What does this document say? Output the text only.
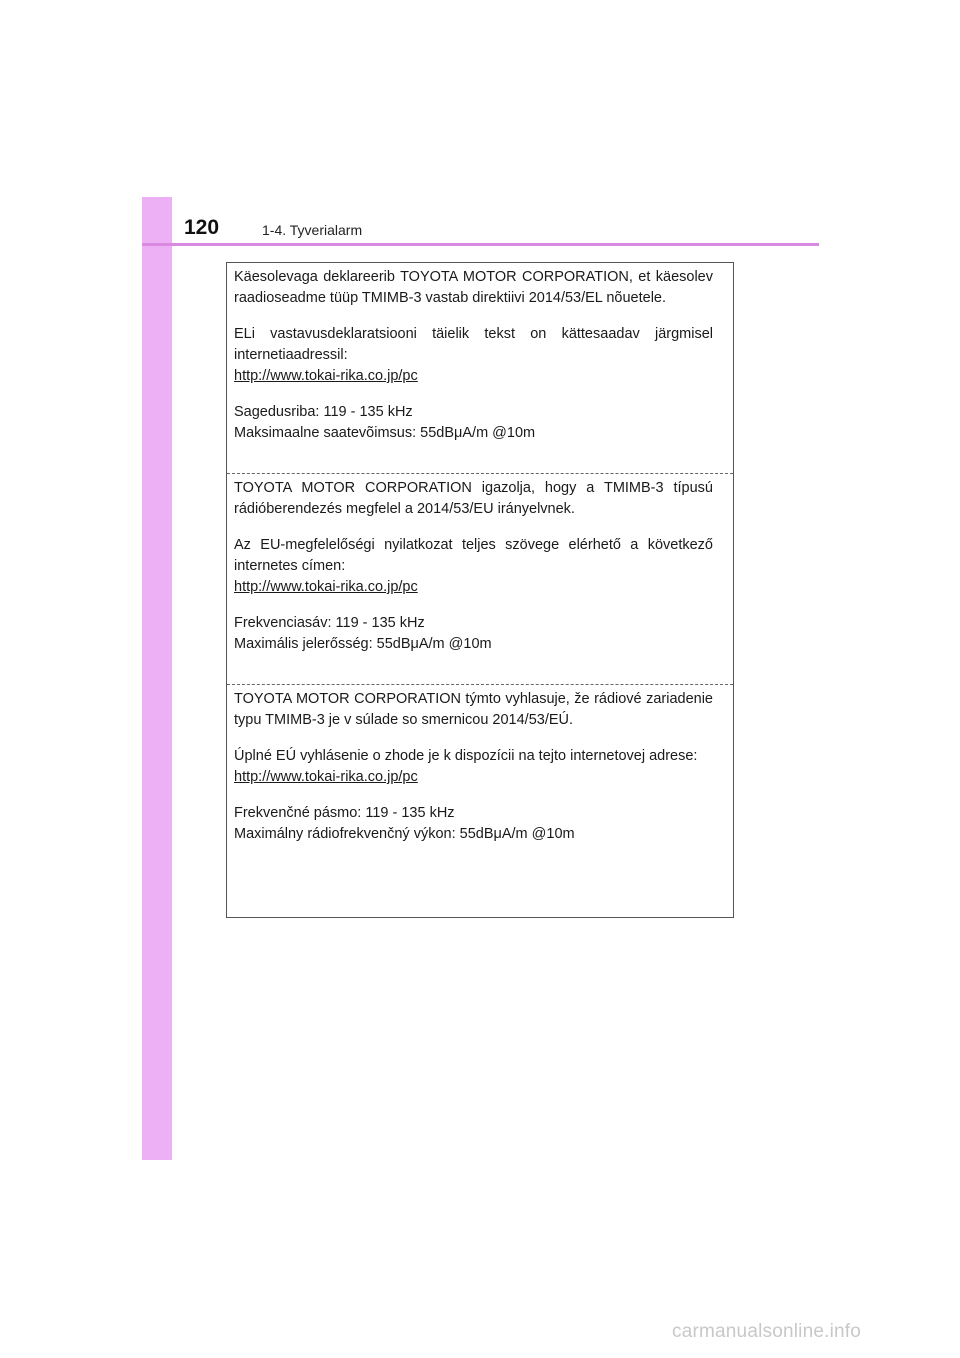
120	1-4. Tyverialarm

Käesolevaga deklareerib TOYOTA MOTOR CORPORATION, et käesolev raadioseadme tüüp TMIMB-3 vastab direktiivi 2014/53/EL nõuetele.

ELi vastavusdeklaratsiooni täielik tekst on kättesaadav järgmisel internetiaadressil:
http://www.tokai-rika.co.jp/pc

Sagedusriba: 119 - 135 kHz
Maksimaalne saatevõimsus: 55dBμA/m @10m

TOYOTA MOTOR CORPORATION igazolja, hogy a TMIMB-3 típusú rádióberendezés megfelel a 2014/53/EU irányelvnek.

Az EU-megfelelőségi nyilatkozat teljes szövege elérhető a következő internetes címen:
http://www.tokai-rika.co.jp/pc

Frekvenciasáv: 119 - 135 kHz
Maximális jelerősség: 55dBμA/m @10m

TOYOTA MOTOR CORPORATION týmto vyhlasuje, že rádiové zariadenie typu TMIMB-3 je v súlade so smernicou 2014/53/EÚ.

Úplné EÚ vyhlásenie o zhode je k dispozícii na tejto internetovej adrese:
http://www.tokai-rika.co.jp/pc

Frekvenčné pásmo: 119 - 135 kHz
Maximálny rádiofrekvenčný výkon: 55dBμA/m @10m

carmanualsonline.info
